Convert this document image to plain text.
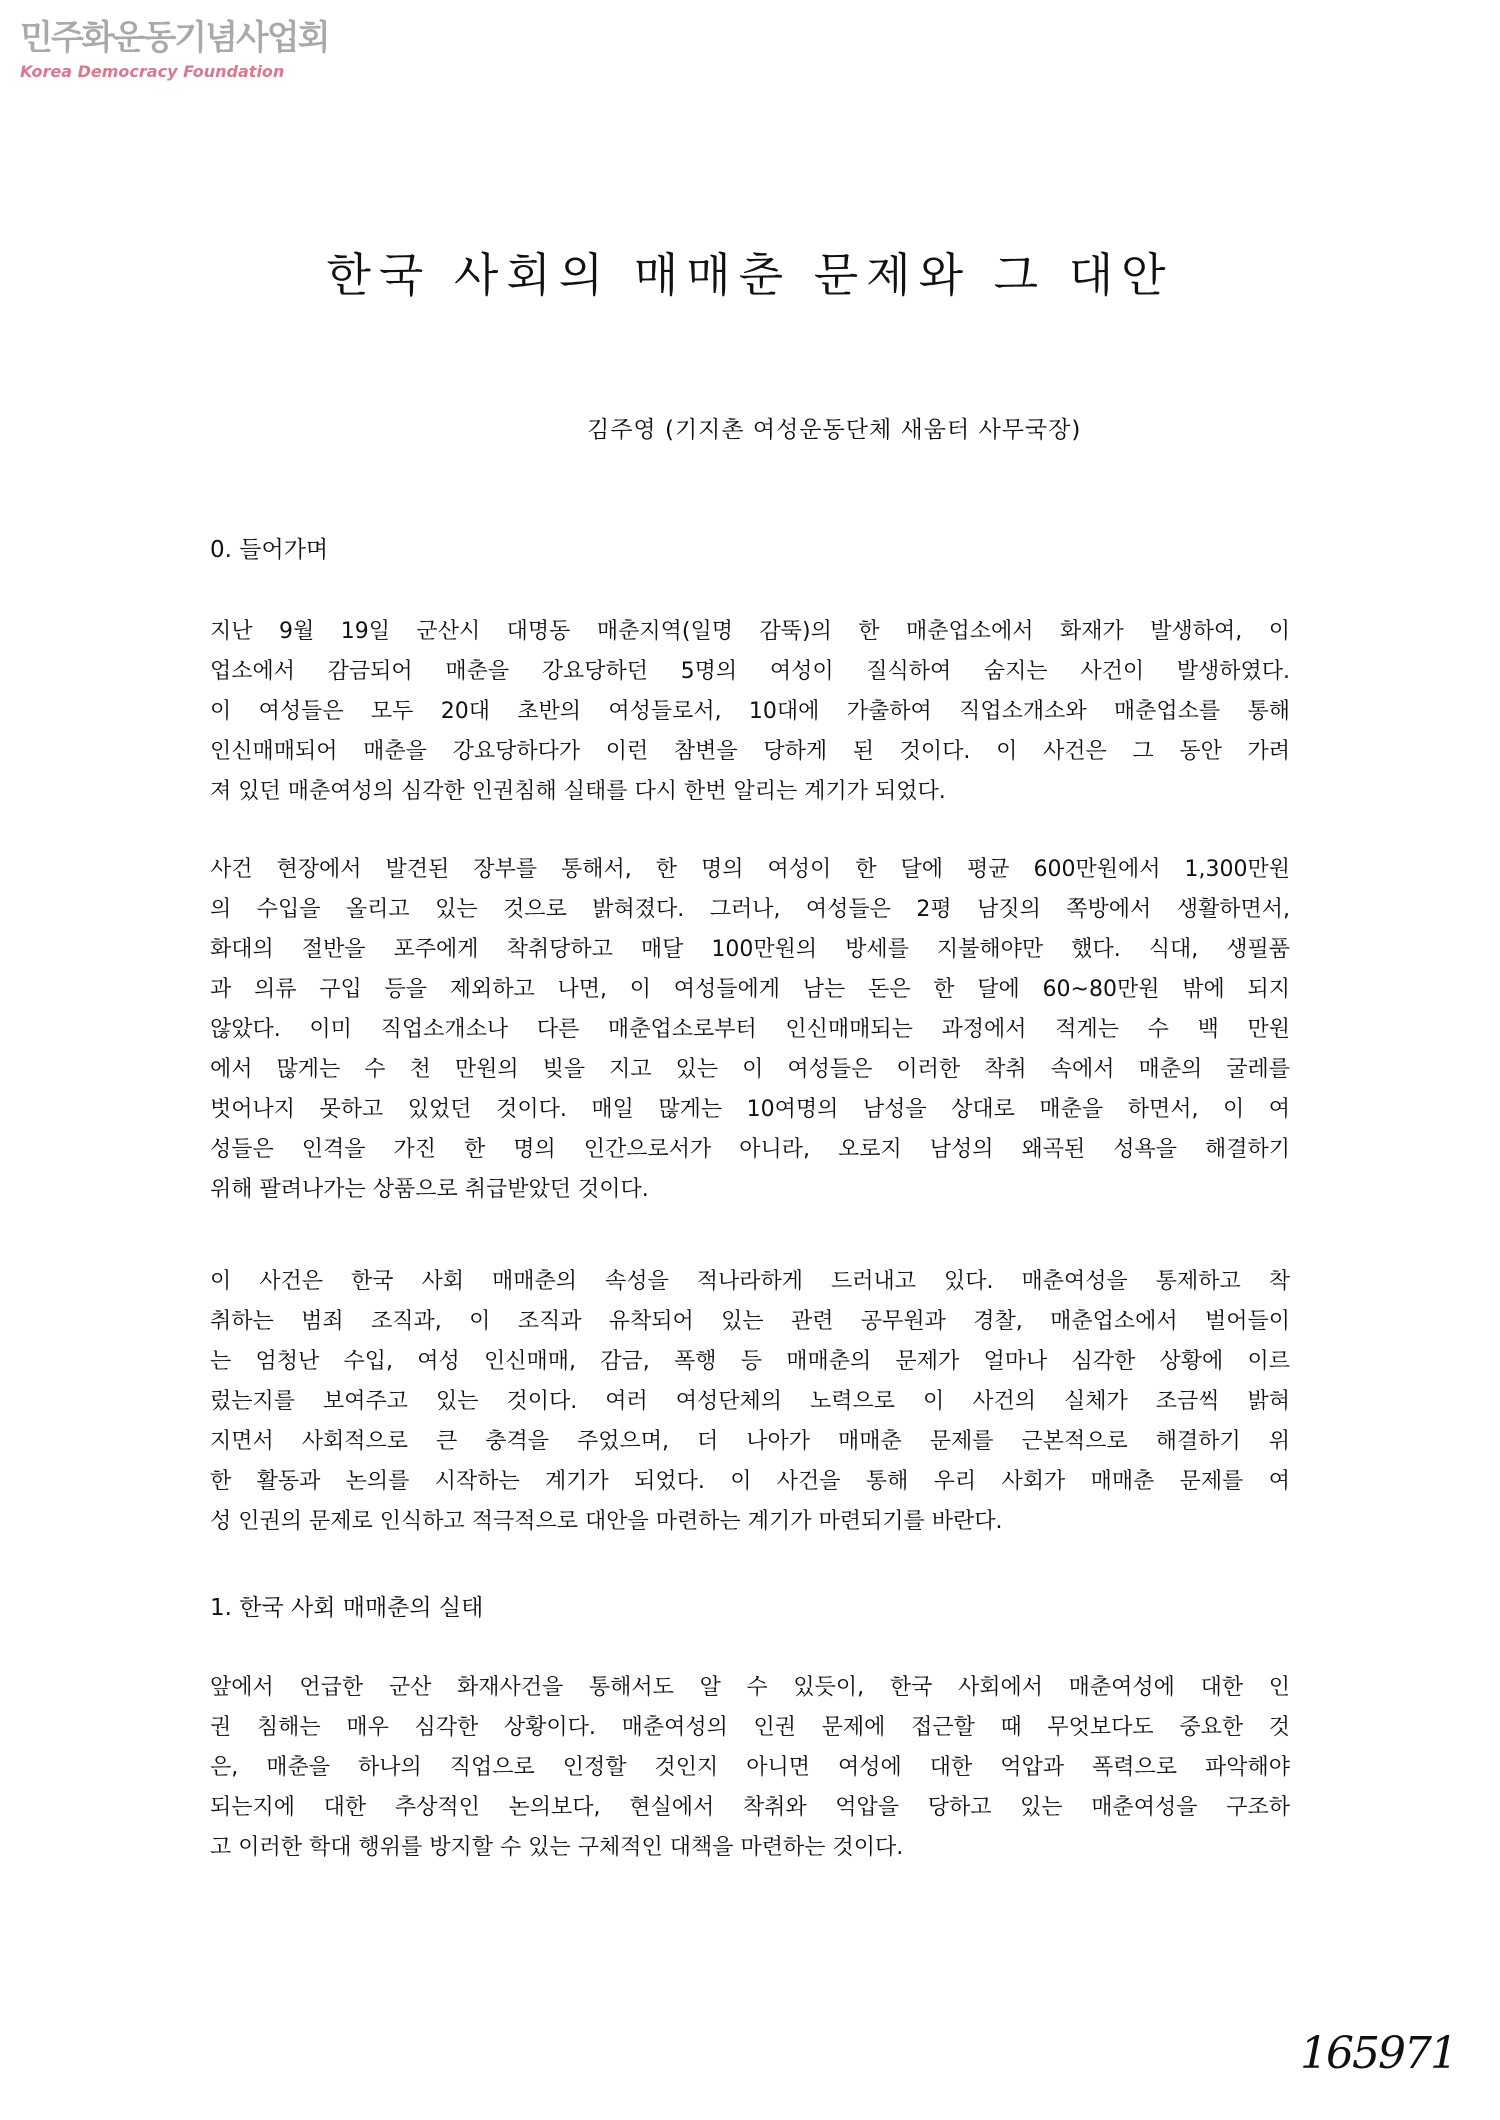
민주화운동기념사업회
Korea Democracy Foundation
한국 사회의 매매춘 문제와 그 대안
김주영 (기지촌 여성운동단체 새움터 사무국장)
0. 들어가며
지난 9월 19일 군산시 대명동 매춘지역(일명 감뚝)의 한 매춘업소에서 화재가 발생하여, 이
업소에서 감금되어 매춘을 강요당하던 5명의 여성이 질식하여 숨지는 사건이 발생하였다.
이 여성들은 모두 20대 초반의 여성들로서, 10대에 가출하여 직업소개소와 매춘업소를 통해
인신매매되어 매춘을 강요당하다가 이런 참변을 당하게 된 것이다. 이 사건은 그 동안 가려
져 있던 매춘여성의 심각한 인권침해 실태를 다시 한번 알리는 계기가 되었다.
사건 현장에서 발견된 장부를 통해서, 한 명의 여성이 한 달에 평균 600만원에서 1,300만원
의 수입을 올리고 있는 것으로 밝혀졌다. 그러나, 여성들은 2평 남짓의 쪽방에서 생활하면서,
화대의 절반을 포주에게 착취당하고 매달 100만원의 방세를 지불해야만 했다. 식대, 생필품
과 의류 구입 등을 제외하고 나면, 이 여성들에게 남는 돈은 한 달에 60~80만원 밖에 되지
않았다. 이미 직업소개소나 다른 매춘업소로부터 인신매매되는 과정에서 적게는 수 백 만원
에서 많게는 수 천 만원의 빚을 지고 있는 이 여성들은 이러한 착취 속에서 매춘의 굴레를
벗어나지 못하고 있었던 것이다. 매일 많게는 10여명의 남성을 상대로 매춘을 하면서, 이 여
성들은 인격을 가진 한 명의 인간으로서가 아니라, 오로지 남성의 왜곡된 성욕을 해결하기
위해 팔려나가는 상품으로 취급받았던 것이다.
이 사건은 한국 사회 매매춘의 속성을 적나라하게 드러내고 있다. 매춘여성을 통제하고 착
취하는 범죄 조직과, 이 조직과 유착되어 있는 관련 공무원과 경찰, 매춘업소에서 벌어들이
는 엄청난 수입, 여성 인신매매, 감금, 폭행 등 매매춘의 문제가 얼마나 심각한 상황에 이르
렀는지를 보여주고 있는 것이다. 여러 여성단체의 노력으로 이 사건의 실체가 조금씩 밝혀
지면서 사회적으로 큰 충격을 주었으며, 더 나아가 매매춘 문제를 근본적으로 해결하기 위
한 활동과 논의를 시작하는 계기가 되었다. 이 사건을 통해 우리 사회가 매매춘 문제를 여
성 인권의 문제로 인식하고 적극적으로 대안을 마련하는 계기가 마련되기를 바란다.
1. 한국 사회 매매춘의 실태
앞에서 언급한 군산 화재사건을 통해서도 알 수 있듯이, 한국 사회에서 매춘여성에 대한 인
권 침해는 매우 심각한 상황이다. 매춘여성의 인권 문제에 접근할 때 무엇보다도 중요한 것
은, 매춘을 하나의 직업으로 인정할 것인지 아니면 여성에 대한 억압과 폭력으로 파악해야
되는지에 대한 추상적인 논의보다, 현실에서 착취와 억압을 당하고 있는 매춘여성을 구조하
고 이러한 학대 행위를 방지할 수 있는 구체적인 대책을 마련하는 것이다.
165971
